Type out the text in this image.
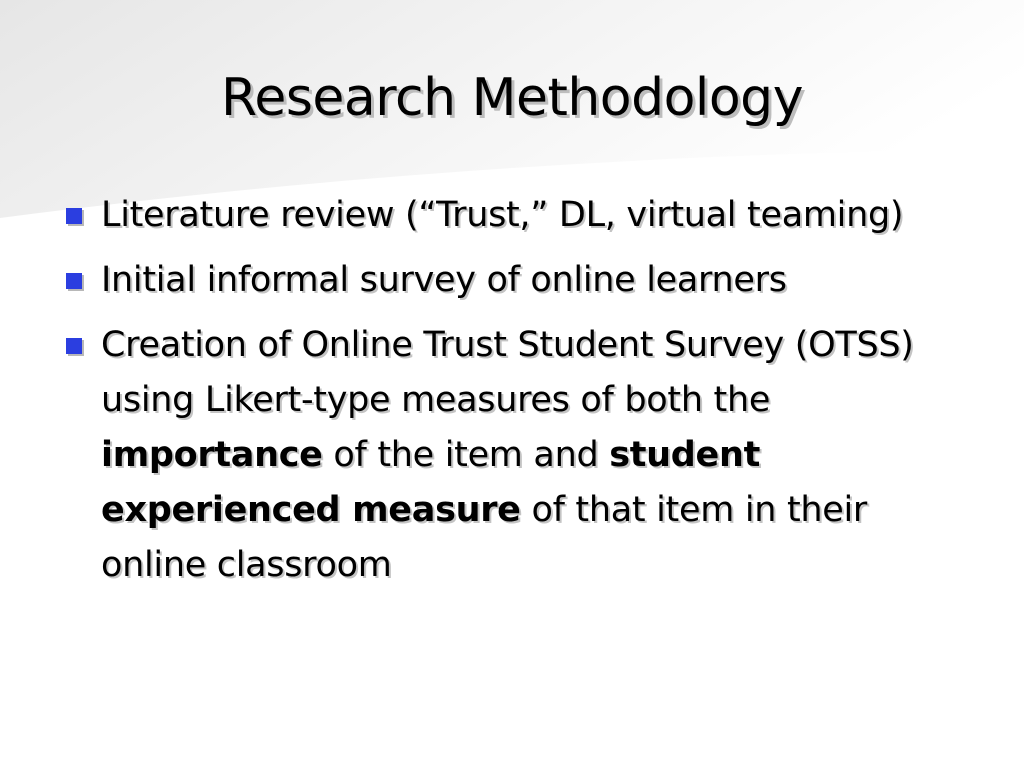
Research Methodology
Literature review (“Trust,” DL, virtual teaming)
Initial informal survey of online learners
Creation of Online Trust Student Survey (OTSS) using Likert-type measures of both the importance of the item and student experienced measure of that item in their online classroom
